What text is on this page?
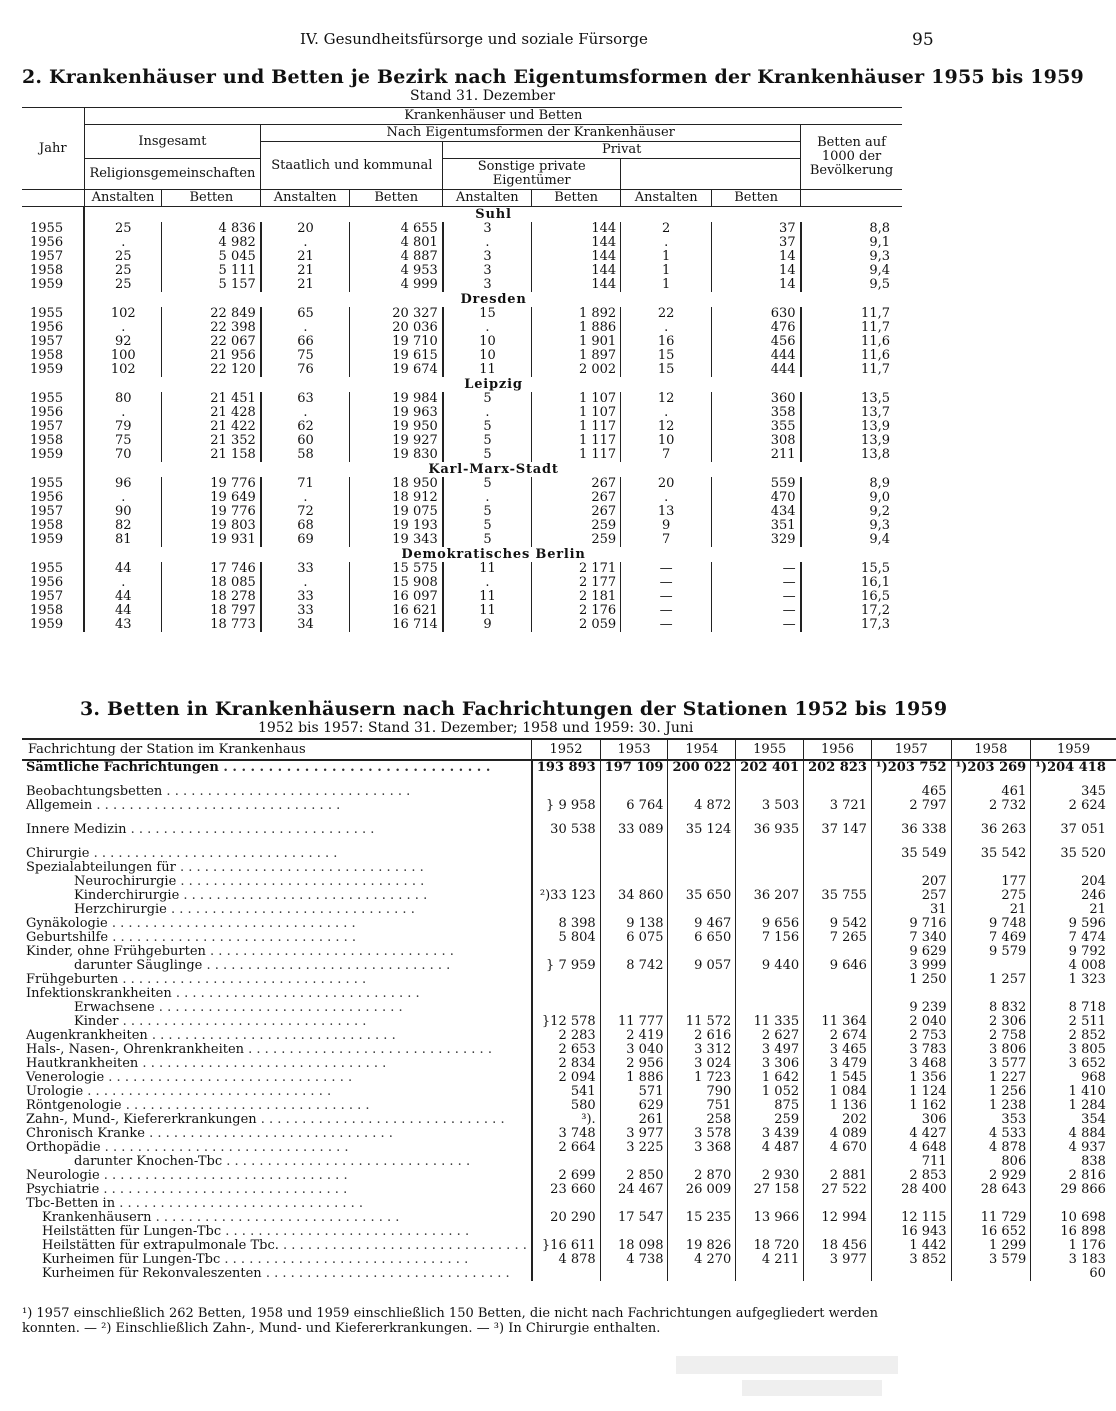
IV. Gesundheitsfürsorge und soziale Fürsorge	95
2. Krankenhäuser und Betten je Bezirk nach Eigentumsformen der Krankenhäuser 1955 bis 1959
Stand 31. Dezember
Jahr	Krankenhäuser und Betten								
	Insgesamt		Nach Eigentumsformen der Krankenhäuser						Betten auf 1000 der Bevölkerung
			Staatlich und kommunal		Privat				
	Religionsgemeinschaften				Sonstige private Eigentümer				
	Anstalten	Betten	Anstalten	Betten	Anstalten	Betten	Anstalten	Betten	
	Suhl								
1955	25	4 836	20	4 655	3	144	2	37	8,8
1956	.	4 982	.	4 801	.	144	.	37	9,1
1957	25	5 045	21	4 887	3	144	1	14	9,3
1958	25	5 111	21	4 953	3	144	1	14	9,4
1959	25	5 157	21	4 999	3	144	1	14	9,5
	Dresden								
1955	102	22 849	65	20 327	15	1 892	22	630	11,7
1956	.	22 398	.	20 036	.	1 886	.	476	11,7
1957	92	22 067	66	19 710	10	1 901	16	456	11,6
1958	100	21 956	75	19 615	10	1 897	15	444	11,6
1959	102	22 120	76	19 674	11	2 002	15	444	11,7
	Leipzig								
1955	80	21 451	63	19 984	5	1 107	12	360	13,5
1956	.	21 428	.	19 963	.	1 107	.	358	13,7
1957	79	21 422	62	19 950	5	1 117	12	355	13,9
1958	75	21 352	60	19 927	5	1 117	10	308	13,9
1959	70	21 158	58	19 830	5	1 117	7	211	13,8
	Karl-Marx-Stadt								
1955	96	19 776	71	18 950	5	267	20	559	8,9
1956	.	19 649	.	18 912	.	267	.	470	9,0
1957	90	19 776	72	19 075	5	267	13	434	9,2
1958	82	19 803	68	19 193	5	259	9	351	9,3
1959	81	19 931	69	19 343	5	259	7	329	9,4
	Demokratisches Berlin								
1955	44	17 746	33	15 575	11	2 171	—	—	15,5
1956	.	18 085	.	15 908	.	2 177	—	—	16,1
1957	44	18 278	33	16 097	11	2 181	—	—	16,5
1958	44	18 797	33	16 621	11	2 176	—	—	17,2
1959	43	18 773	34	16 714	9	2 059	—	—	17,3
3. Betten in Krankenhäusern nach Fachrichtungen der Stationen 1952 bis 1959
1952 bis 1957: Stand 31. Dezember; 1958 und 1959: 30. Juni
Fachrichtung der Station im Krankenhaus	1952	1953	1954	1955	1956	1957	1958	1959
Sämtliche Fachrichtungen . . . . . . . . . . . . . . . . . . . . . . . . . . . . . .	193 893	197 109	200 022	202 401	202 823	¹)203 752	¹)203 269	¹)204 418

Beobachtungsbetten . . . . . . . . . . . . . . . . . . . . . . . . . . . . . .						465	461	345
Allgemein . . . . . . . . . . . . . . . . . . . . . . . . . . . . . .	} 9 958	6 764	4 872	3 503	3 721	2 797	2 732	2 624

Innere Medizin . . . . . . . . . . . . . . . . . . . . . . . . . . . . . .	30 538	33 089	35 124	36 935	37 147	36 338	36 263	37 051

Chirurgie . . . . . . . . . . . . . . . . . . . . . . . . . . . . . .						35 549	35 542	35 520
Spezialabteilungen für . . . . . . . . . . . . . . . . . . . . . . . . . . . . . .								
Neurochirurgie . . . . . . . . . . . . . . . . . . . . . . . . . . . . . .						207	177	204
Kinderchirurgie . . . . . . . . . . . . . . . . . . . . . . . . . . . . . .	²)33 123	34 860	35 650	36 207	35 755	257	275	246
Herzchirurgie . . . . . . . . . . . . . . . . . . . . . . . . . . . . . .						31	21	21
Gynäkologie . . . . . . . . . . . . . . . . . . . . . . . . . . . . . .	8 398	9 138	9 467	9 656	9 542	9 716	9 748	9 596
Geburtshilfe . . . . . . . . . . . . . . . . . . . . . . . . . . . . . .	5 804	6 075	6 650	7 156	7 265	7 340	7 469	7 474
Kinder, ohne Frühgeburten . . . . . . . . . . . . . . . . . . . . . . . . . . . . . .						9 629	9 579	9 792
darunter Säuglinge . . . . . . . . . . . . . . . . . . . . . . . . . . . . . .	} 7 959	8 742	9 057	9 440	9 646	3 999		4 008
Frühgeburten . . . . . . . . . . . . . . . . . . . . . . . . . . . . . .						1 250	1 257	1 323
Infektionskrankheiten . . . . . . . . . . . . . . . . . . . . . . . . . . . . . .								
Erwachsene . . . . . . . . . . . . . . . . . . . . . . . . . . . . . .						9 239	8 832	8 718
Kinder . . . . . . . . . . . . . . . . . . . . . . . . . . . . . .	}12 578	11 777	11 572	11 335	11 364	2 040	2 306	2 511
Augenkrankheiten . . . . . . . . . . . . . . . . . . . . . . . . . . . . . .	2 283	2 419	2 616	2 627	2 674	2 753	2 758	2 852
Hals-, Nasen-, Ohrenkrankheiten . . . . . . . . . . . . . . . . . . . . . . . . . . . . . .	2 653	3 040	3 312	3 497	3 465	3 783	3 806	3 805
Hautkrankheiten . . . . . . . . . . . . . . . . . . . . . . . . . . . . . .	2 834	2 956	3 024	3 306	3 479	3 468	3 577	3 652
Venerologie . . . . . . . . . . . . . . . . . . . . . . . . . . . . . .	2 094	1 886	1 723	1 642	1 545	1 356	1 227	968
Urologie . . . . . . . . . . . . . . . . . . . . . . . . . . . . . .	541	571	790	1 052	1 084	1 124	1 256	1 410
Röntgenologie . . . . . . . . . . . . . . . . . . . . . . . . . . . . . .	580	629	751	875	1 136	1 162	1 238	1 284
Zahn-, Mund-, Kiefererkrankungen . . . . . . . . . . . . . . . . . . . . . . . . . . . . . .	³).	261	258	259	202	306	353	354
Chronisch Kranke . . . . . . . . . . . . . . . . . . . . . . . . . . . . . .	3 748	3 977	3 578	3 439	4 089	4 427	4 533	4 884
Orthopädie . . . . . . . . . . . . . . . . . . . . . . . . . . . . . .	2 664	3 225	3 368	4 487	4 670	4 648	4 878	4 937
darunter Knochen-Tbc . . . . . . . . . . . . . . . . . . . . . . . . . . . . . .						711	806	838
Neurologie . . . . . . . . . . . . . . . . . . . . . . . . . . . . . .	2 699	2 850	2 870	2 930	2 881	2 853	2 929	2 816
Psychiatrie . . . . . . . . . . . . . . . . . . . . . . . . . . . . . .	23 660	24 467	26 009	27 158	27 522	28 400	28 643	29 866
Tbc-Betten in . . . . . . . . . . . . . . . . . . . . . . . . . . . . . .								
Krankenhäusern . . . . . . . . . . . . . . . . . . . . . . . . . . . . . .	20 290	17 547	15 235	13 966	12 994	12 115	11 729	10 698
Heilstätten für Lungen-Tbc . . . . . . . . . . . . . . . . . . . . . . . . . . . . . .						16 943	16 652	16 898
Heilstätten für extrapulmonale Tbc. . . . . . . . . . . . . . . . . . . . . . . . . . . . . . .	}16 611	18 098	19 826	18 720	18 456	1 442	1 299	1 176
Kurheimen für Lungen-Tbc . . . . . . . . . . . . . . . . . . . . . . . . . . . . . .	4 878	4 738	4 270	4 211	3 977	3 852	3 579	3 183
Kurheimen für Rekonvaleszenten . . . . . . . . . . . . . . . . . . . . . . . . . . . . . .								60
¹) 1957 einschließlich 262 Betten, 1958 und 1959 einschließlich 150 Betten, die nicht nach Fachrichtungen aufgegliedert werden
konnten. — ²) Einschließlich Zahn-, Mund- und Kiefererkrankungen. — ³) In Chirurgie enthalten.
